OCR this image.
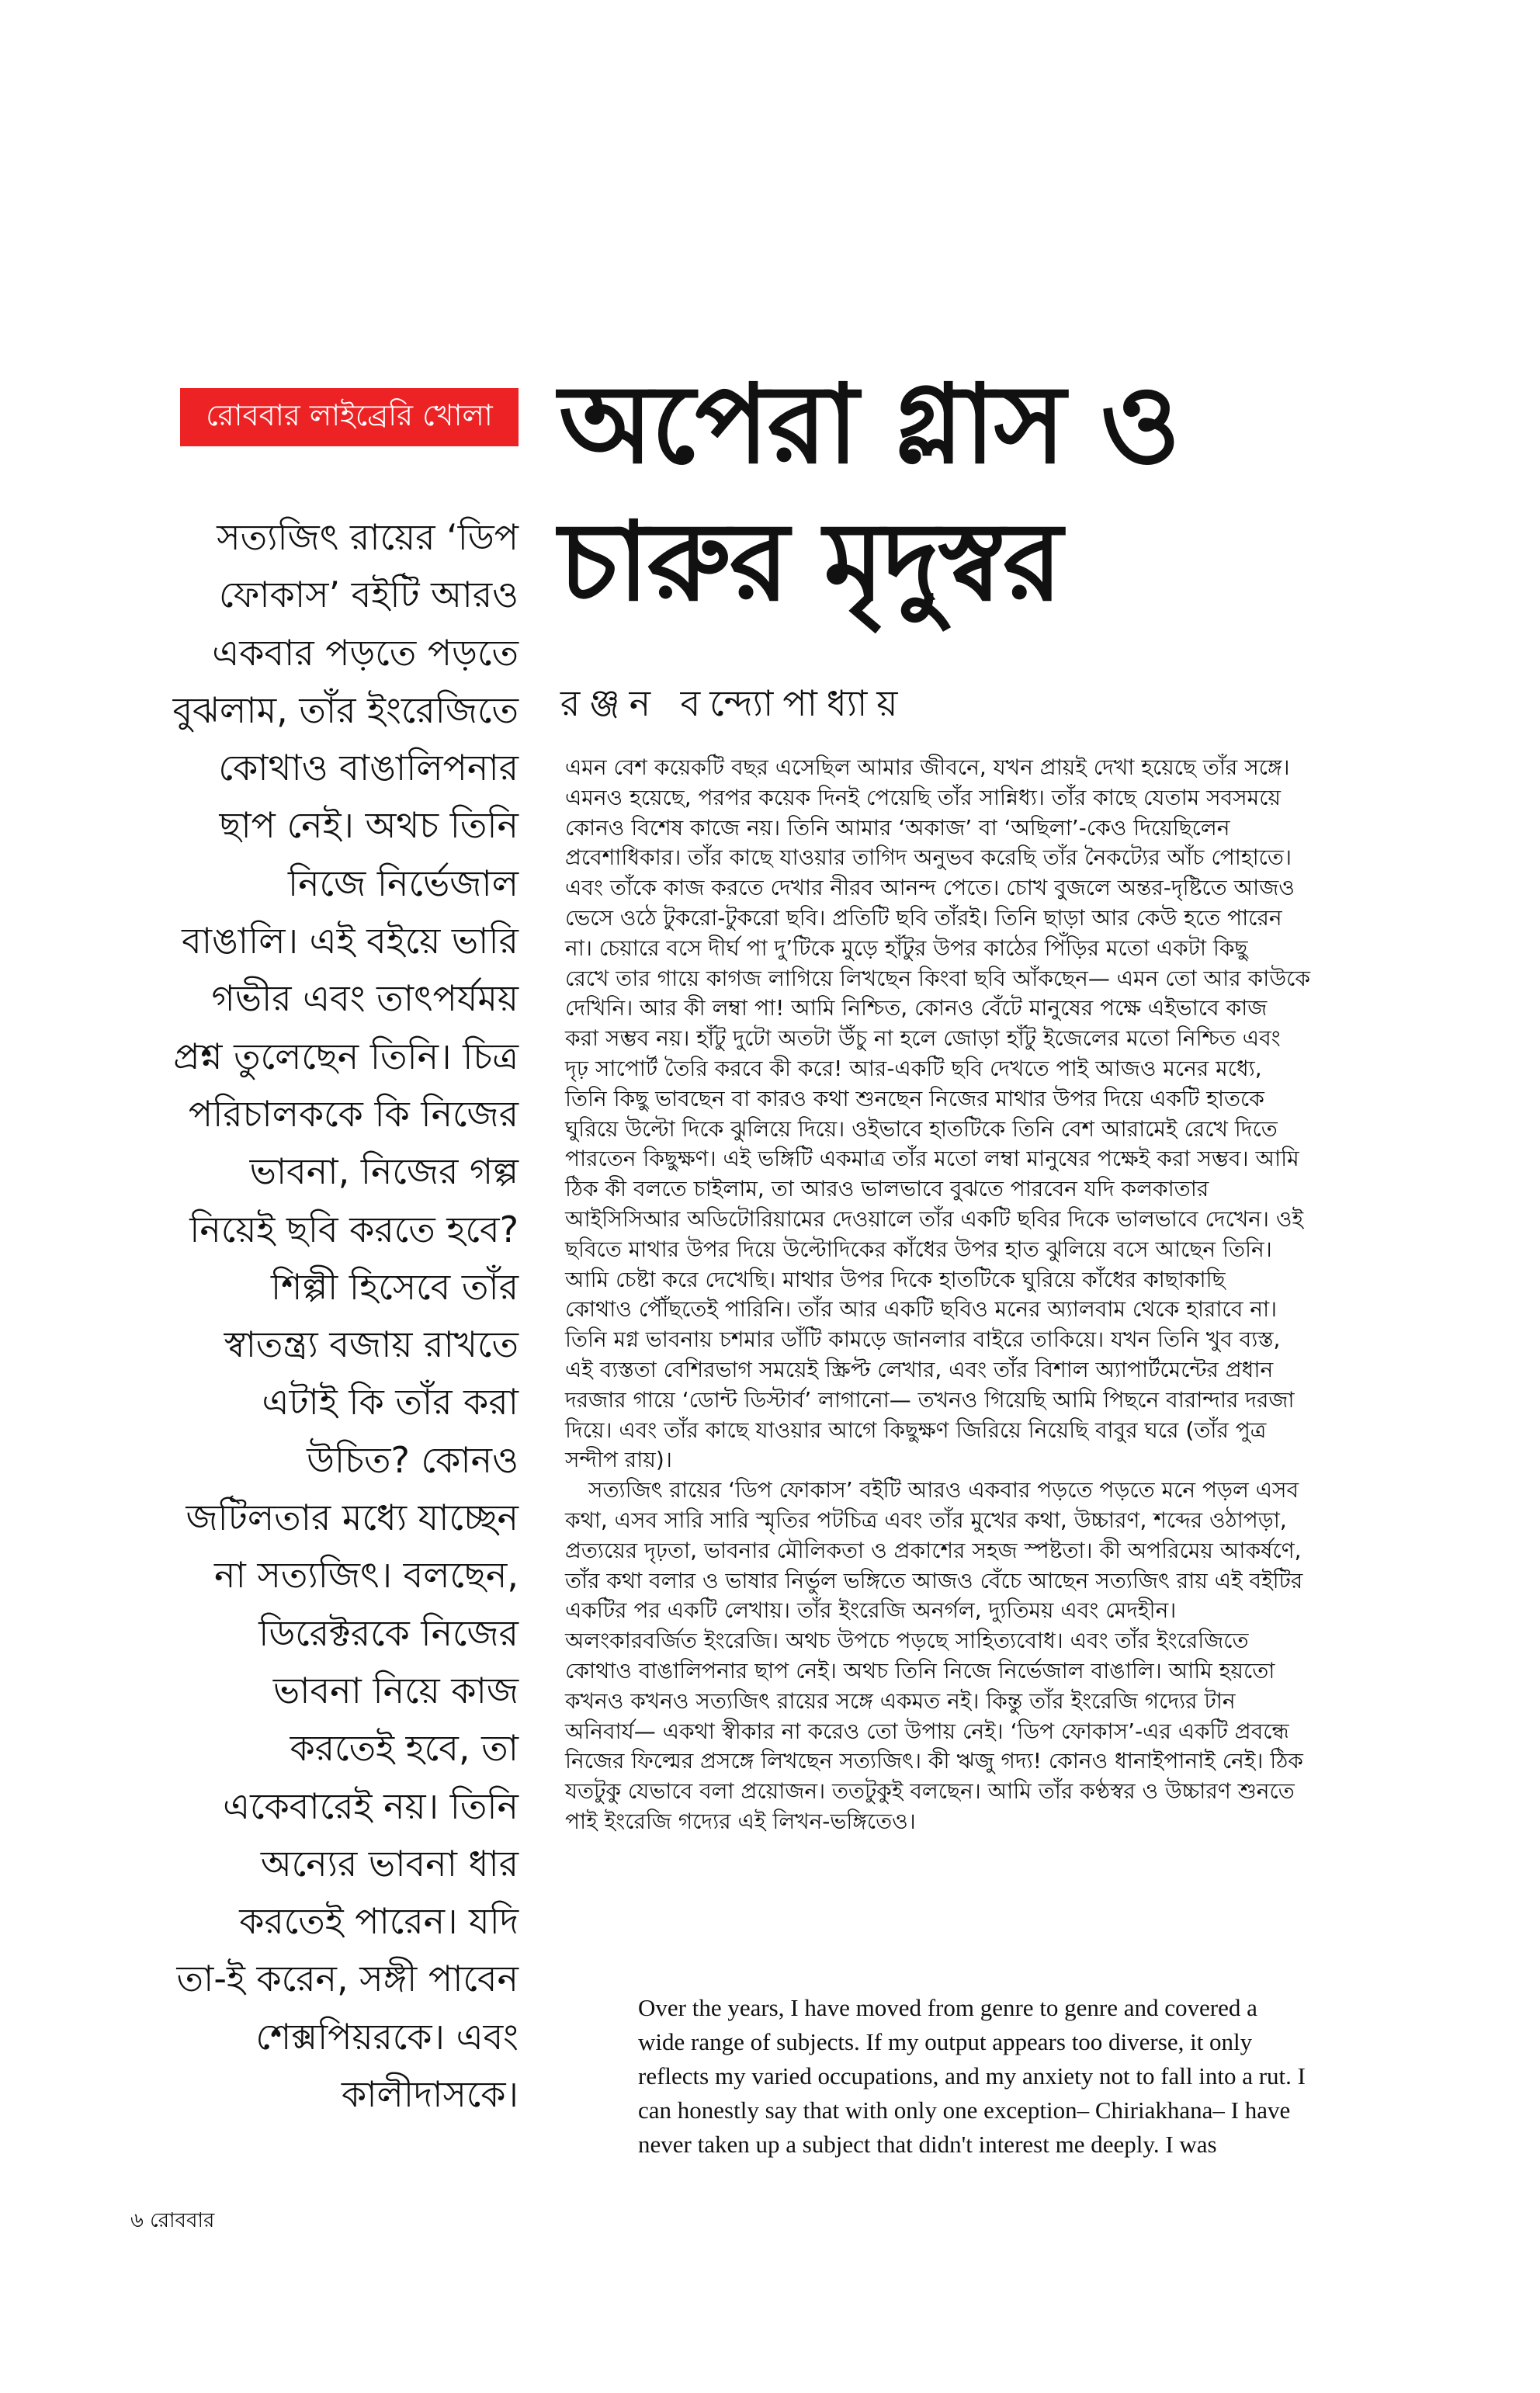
রোববার লাইব্রেরি খোলা অপেরা গ্লাস ও
চারুর মৃদুস্বর
রঞ্জন বন্দ্যোপাধ্যায়
সত্যজিৎ রায়ের ‘ডিপ
ফোকাস’ বইটি আরও
একবার পড়তে পড়তে
বুঝলাম, তাঁর ইংরেজিতে
কোথাও বাঙালিপনার
ছাপ নেই। অথচ তিনি
নিজে নির্ভেজাল
বাঙালি। এই বইয়ে ভারি
গভীর এবং তাৎপর্যময়
প্রশ্ন তুলেছেন তিনি। চিত্র
পরিচালককে কি নিজের
ভাবনা, নিজের গল্প
নিয়েই ছবি করতে হবে?
শিল্পী হিসেবে তাঁর
স্বাতন্ত্র্য বজায় রাখতে
এটাই কি তাঁর করা
উচিত? কোনও
জটিলতার মধ্যে যাচ্ছেন
না সত্যজিৎ। বলছেন,
ডিরেক্টরকে নিজের
ভাবনা নিয়ে কাজ
করতেই হবে, তা
একেবারেই নয়। তিনি
অন্যের ভাবনা ধার
করতেই পারেন। যদি
তা-ই করেন, সঙ্গী পাবেন
শেক্সপিয়রকে। এবং
কালীদাসকে।
এমন বেশ কয়েকটি বছর এসেছিল আমার জীবনে, যখন প্রায়ই দেখা হয়েছে তাঁর সঙ্গে।
এমনও হয়েছে, পরপর কয়েক দিনই পেয়েছি তাঁর সান্নিধ্য। তাঁর কাছে যেতাম সবসময়ে
কোনও বিশেষ কাজে নয়। তিনি আমার ‘অকাজ’ বা ‘অছিলা’-কেও দিয়েছিলেন
প্রবেশাধিকার। তাঁর কাছে যাওয়ার তাগিদ অনুভব করেছি তাঁর নৈকট্যের আঁচ পোহাতে।
এবং তাঁকে কাজ করতে দেখার নীরব আনন্দ পেতে। চোখ বুজলে অন্তর-দৃষ্টিতে আজও
ভেসে ওঠে টুকরো-টুকরো ছবি। প্রতিটি ছবি তাঁরই। তিনি ছাড়া আর কেউ হতে পারেন
না। চেয়ারে বসে দীর্ঘ পা দু’টিকে মুড়ে হাঁটুর উপর কাঠের পিঁড়ির মতো একটা কিছু
রেখে তার গায়ে কাগজ লাগিয়ে লিখছেন কিংবা ছবি আঁকছেন— এমন তো আর কাউকে
দেখিনি। আর কী লম্বা পা! আমি নিশ্চিত, কোনও বেঁটে মানুষের পক্ষে এইভাবে কাজ
করা সম্ভব নয়। হাঁটু দুটো অতটা উঁচু না হলে জোড়া হাঁটু ইজেলের মতো নিশ্চিত এবং
দৃঢ় সাপোর্ট তৈরি করবে কী করে! আর-একটি ছবি দেখতে পাই আজও মনের মধ্যে,
তিনি কিছু ভাবছেন বা কারও কথা শুনছেন নিজের মাথার উপর দিয়ে একটি হাতকে
ঘুরিয়ে উল্টো দিকে ঝুলিয়ে দিয়ে। ওইভাবে হাতটিকে তিনি বেশ আরামেই রেখে দিতে
পারতেন কিছুক্ষণ। এই ভঙ্গিটি একমাত্র তাঁর মতো লম্বা মানুষের পক্ষেই করা সম্ভব। আমি
ঠিক কী বলতে চাইলাম, তা আরও ভালভাবে বুঝতে পারবেন যদি কলকাতার
আইসিসিআর অডিটোরিয়ামের দেওয়ালে তাঁর একটি ছবির দিকে ভালভাবে দেখেন। ওই
ছবিতে মাথার উপর দিয়ে উল্টোদিকের কাঁধের উপর হাত ঝুলিয়ে বসে আছেন তিনি।
আমি চেষ্টা করে দেখেছি। মাথার উপর দিকে হাতটিকে ঘুরিয়ে কাঁধের কাছাকাছি
কোথাও পৌঁছতেই পারিনি। তাঁর আর একটি ছবিও মনের অ্যালবাম থেকে হারাবে না।
তিনি মগ্ন ভাবনায় চশমার ডাঁটি কামড়ে জানলার বাইরে তাকিয়ে। যখন তিনি খুব ব্যস্ত,
এই ব্যস্ততা বেশিরভাগ সময়েই স্ক্রিপ্ট লেখার, এবং তাঁর বিশাল অ্যাপার্টমেন্টের প্রধান
দরজার গায়ে ‘ডোন্ট ডিস্টার্ব’ লাগানো— তখনও গিয়েছি আমি পিছনে বারান্দার দরজা
দিয়ে। এবং তাঁর কাছে যাওয়ার আগে কিছুক্ষণ জিরিয়ে নিয়েছি বাবুর ঘরে (তাঁর পুত্র
সন্দীপ রায়)।
সত্যজিৎ রায়ের ‘ডিপ ফোকাস’ বইটি আরও একবার পড়তে পড়তে মনে পড়ল এসব
কথা, এসব সারি সারি স্মৃতির পটচিত্র এবং তাঁর মুখের কথা, উচ্চারণ, শব্দের ওঠাপড়া,
প্রত্যয়ের দৃঢ়তা, ভাবনার মৌলিকতা ও প্রকাশের সহজ স্পষ্টতা। কী অপরিমেয় আকর্ষণে,
তাঁর কথা বলার ও ভাষার নির্ভুল ভঙ্গিতে আজও বেঁচে আছেন সত্যজিৎ রায় এই বইটির
একটির পর একটি লেখায়। তাঁর ইংরেজি অনর্গল, দ্যুতিময় এবং মেদহীন।
অলংকারবর্জিত ইংরেজি। অথচ উপচে পড়ছে সাহিত্যবোধ। এবং তাঁর ইংরেজিতে
কোথাও বাঙালিপনার ছাপ নেই। অথচ তিনি নিজে নির্ভেজাল বাঙালি। আমি হয়তো
কখনও কখনও সত্যজিৎ রায়ের সঙ্গে একমত নই। কিন্তু তাঁর ইংরেজি গদ্যের টান
অনিবার্য— একথা স্বীকার না করেও তো উপায় নেই। ‘ডিপ ফোকাস’-এর একটি প্রবন্ধে
নিজের ফিল্মের প্রসঙ্গে লিখছেন সত্যজিৎ। কী ঋজু গদ্য! কোনও ধানাইপানাই নেই। ঠিক
যতটুকু যেভাবে বলা প্রয়োজন। ততটুকুই বলছেন। আমি তাঁর কণ্ঠস্বর ও উচ্চারণ শুনতে
পাই ইংরেজি গদ্যের এই লিখন-ভঙ্গিতেও।
Over the years, I have moved from genre to genre and covered a
wide range of subjects. If my output appears too diverse, it only
reflects my varied occupations, and my anxiety not to fall into a rut. I
can honestly say that with only one exception– Chiriakhana– I have
never taken up a subject that didn't interest me deeply. I was
৬ রোববার
